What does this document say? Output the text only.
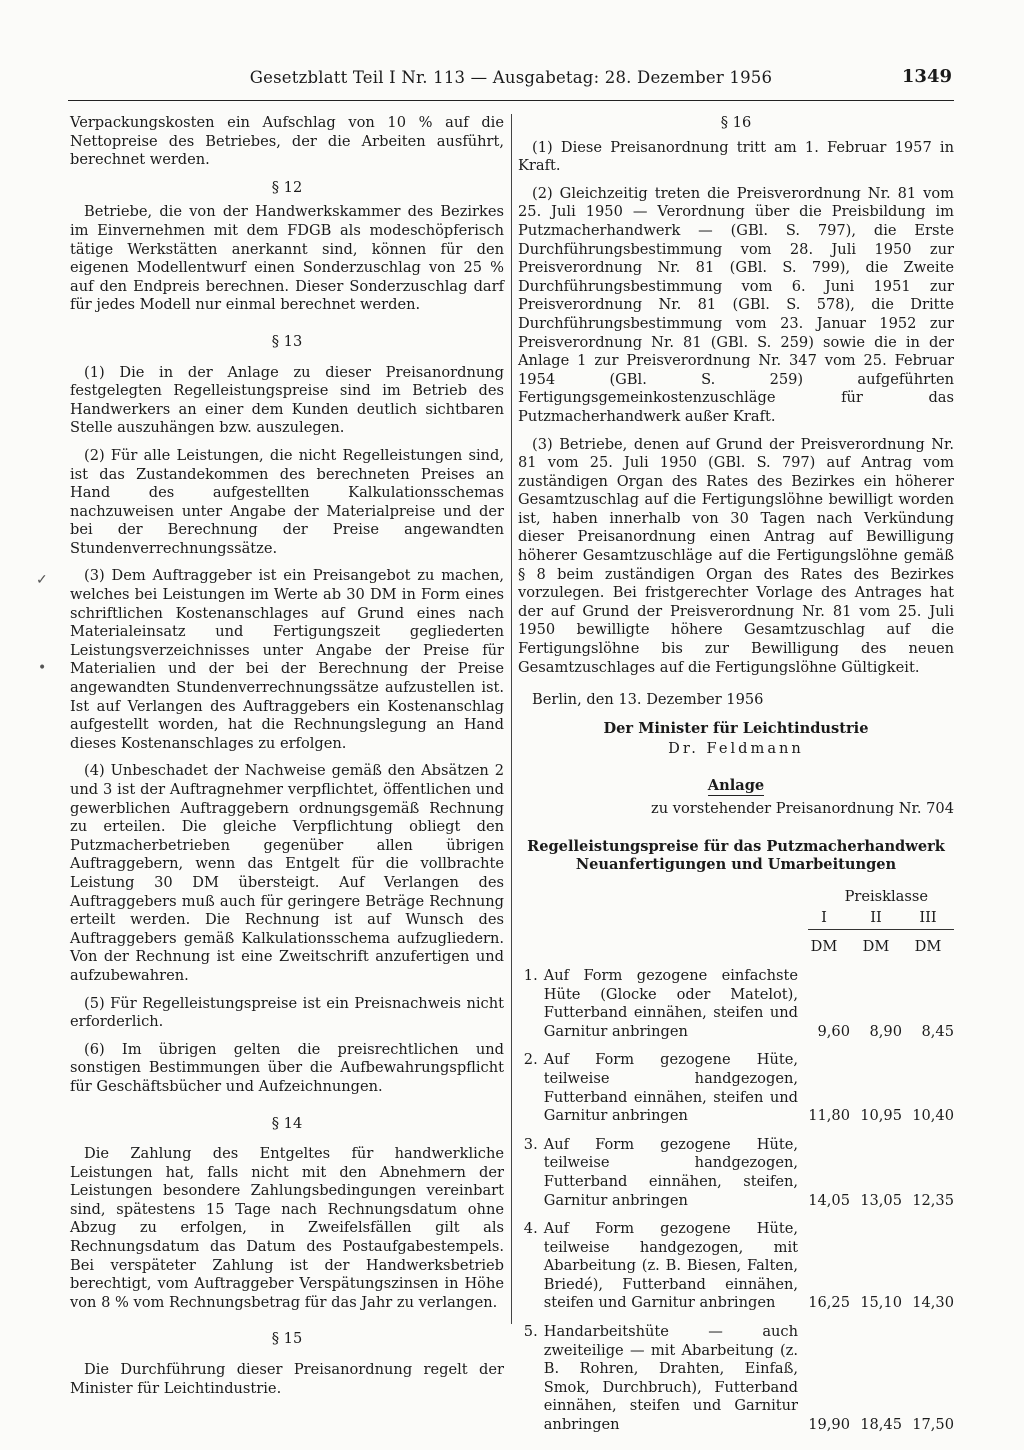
Gesetzblatt Teil I Nr. 113 — Ausgabetag: 28. Dezember 1956	1349

Verpackungskosten ein Aufschlag von 10 % auf die Nettopreise des Betriebes, der die Arbeiten ausführt, berechnet werden.

§ 12

Betriebe, die von der Handwerkskammer des Bezirkes im Einvernehmen mit dem FDGB als modeschöpferisch tätige Werkstätten anerkannt sind, können für den eigenen Modellentwurf einen Sonderzuschlag von 25 % auf den Endpreis berechnen. Dieser Sonderzuschlag darf für jedes Modell nur einmal berechnet werden.

§ 13

(1) Die in der Anlage zu dieser Preisanordnung festgelegten Regelleistungspreise sind im Betrieb des Handwerkers an einer dem Kunden deutlich sichtbaren Stelle auszuhängen bzw. auszulegen.

(2) Für alle Leistungen, die nicht Regelleistungen sind, ist das Zustandekommen des berechneten Preises an Hand des aufgestellten Kalkulationsschemas nachzuweisen unter Angabe der Materialpreise und der bei der Berechnung der Preise angewandten Stundenverrechnungssätze.

(3) Dem Auftraggeber ist ein Preisangebot zu machen, welches bei Leistungen im Werte ab 30 DM in Form eines schriftlichen Kostenanschlages auf Grund eines nach Materialeinsatz und Fertigungszeit gegliederten Leistungsverzeichnisses unter Angabe der Preise für Materialien und der bei der Berechnung der Preise angewandten Stundenverrechnungssätze aufzustellen ist. Ist auf Verlangen des Auftraggebers ein Kostenanschlag aufgestellt worden, hat die Rechnungslegung an Hand dieses Kostenanschlages zu erfolgen.

(4) Unbeschadet der Nachweise gemäß den Absätzen 2 und 3 ist der Auftragnehmer verpflichtet, öffentlichen und gewerblichen Auftraggebern ordnungsgemäß Rechnung zu erteilen. Die gleiche Verpflichtung obliegt den Putzmacherbetrieben gegenüber allen übrigen Auftraggebern, wenn das Entgelt für die vollbrachte Leistung 30 DM übersteigt. Auf Verlangen des Auftraggebers muß auch für geringere Beträge Rechnung erteilt werden. Die Rechnung ist auf Wunsch des Auftraggebers gemäß Kalkulationsschema aufzugliedern. Von der Rechnung ist eine Zweitschrift anzufertigen und aufzubewahren.

(5) Für Regelleistungspreise ist ein Preisnachweis nicht erforderlich.

(6) Im übrigen gelten die preisrechtlichen und sonstigen Bestimmungen über die Aufbewahrungspflicht für Geschäftsbücher und Aufzeichnungen.

§ 14

Die Zahlung des Entgeltes für handwerkliche Leistungen hat, falls nicht mit den Abnehmern der Leistungen besondere Zahlungsbedingungen vereinbart sind, spätestens 15 Tage nach Rechnungsdatum ohne Abzug zu erfolgen, in Zweifelsfällen gilt als Rechnungsdatum das Datum des Postaufgabestempels. Bei verspäteter Zahlung ist der Handwerksbetrieb berechtigt, vom Auftraggeber Verspätungszinsen in Höhe von 8 % vom Rechnungsbetrag für das Jahr zu verlangen.

§ 15

Die Durchführung dieser Preisanordnung regelt der Minister für Leichtindustrie.

§ 16

(1) Diese Preisanordnung tritt am 1. Februar 1957 in Kraft.

(2) Gleichzeitig treten die Preisverordnung Nr. 81 vom 25. Juli 1950 — Verordnung über die Preisbildung im Putzmacherhandwerk — (GBl. S. 797), die Erste Durchführungsbestimmung vom 28. Juli 1950 zur Preisverordnung Nr. 81 (GBl. S. 799), die Zweite Durchführungsbestimmung vom 6. Juni 1951 zur Preisverordnung Nr. 81 (GBl. S. 578), die Dritte Durchführungsbestimmung vom 23. Januar 1952 zur Preisverordnung Nr. 81 (GBl. S. 259) sowie die in der Anlage 1 zur Preisverordnung Nr. 347 vom 25. Februar 1954 (GBl. S. 259) aufgeführten Fertigungsgemeinkostenzuschläge für das Putzmacherhandwerk außer Kraft.

(3) Betriebe, denen auf Grund der Preisverordnung Nr. 81 vom 25. Juli 1950 (GBl. S. 797) auf Antrag vom zuständigen Organ des Rates des Bezirkes ein höherer Gesamtzuschlag auf die Fertigungslöhne bewilligt worden ist, haben innerhalb von 30 Tagen nach Verkündung dieser Preisanordnung einen Antrag auf Bewilligung höherer Gesamtzuschläge auf die Fertigungslöhne gemäß § 8 beim zuständigen Organ des Rates des Bezirkes vorzulegen. Bei fristgerechter Vorlage des Antrages hat der auf Grund der Preisverordnung Nr. 81 vom 25. Juli 1950 bewilligte höhere Gesamtzuschlag auf die Fertigungslöhne bis zur Bewilligung des neuen Gesamtzuschlages auf die Fertigungslöhne Gültigkeit.

Berlin, den 13. Dezember 1956

Der Minister für Leichtindustrie
Dr. Feldmann
Anlage
zu vorstehender Preisanordnung Nr. 704
Regelleistungspreise für das Putzmacherhandwerk
Neuanfertigungen und Umarbeitungen
Preisklasse
I	II	III
DM	DM	DM
1. Auf Form gezogene einfachste Hüte (Glocke oder Matelot), Futterband einnähen, steifen und Garnitur anbringen	9,60	8,90	8,45
2. Auf Form gezogene Hüte, teilweise handgezogen, Futterband einnähen, steifen und Garnitur anbringen	11,80 10,95 10,40
3. Auf Form gezogene Hüte, teilweise handgezogen, Futterband einnähen, steifen, Garnitur anbringen	14,05 13,05 12,35
4. Auf Form gezogene Hüte, teilweise handgezogen, mit Abarbeitung (z. B. Biesen, Falten, Briedé), Futterband einnähen, steifen und Garnitur anbringen	16,25 15,10 14,30
5. Handarbeitshüte — auch zweiteilige — mit Abarbeitung (z. B. Rohren, Drahten, Einfaß, Smok, Durchbruch), Futterband einnähen, steifen und Garnitur anbringen	19,90 18,45 17,50
✓
•
